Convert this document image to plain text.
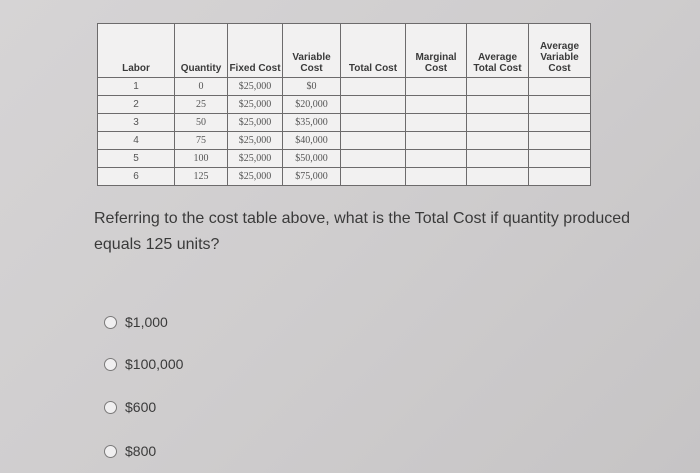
Labor	Quantity	Fixed Cost	Variable Cost	Total Cost	Marginal Cost	Average Total Cost	Average Variable Cost
1	0	$25,000	$0				
2	25	$25,000	$20,000				
3	50	$25,000	$35,000				
4	75	$25,000	$40,000				
5	100	$25,000	$50,000				
6	125	$25,000	$75,000				
Referring to the cost table above, what is the Total Cost if quantity produced equals 125 units?
$1,000
$100,000
$600
$800
